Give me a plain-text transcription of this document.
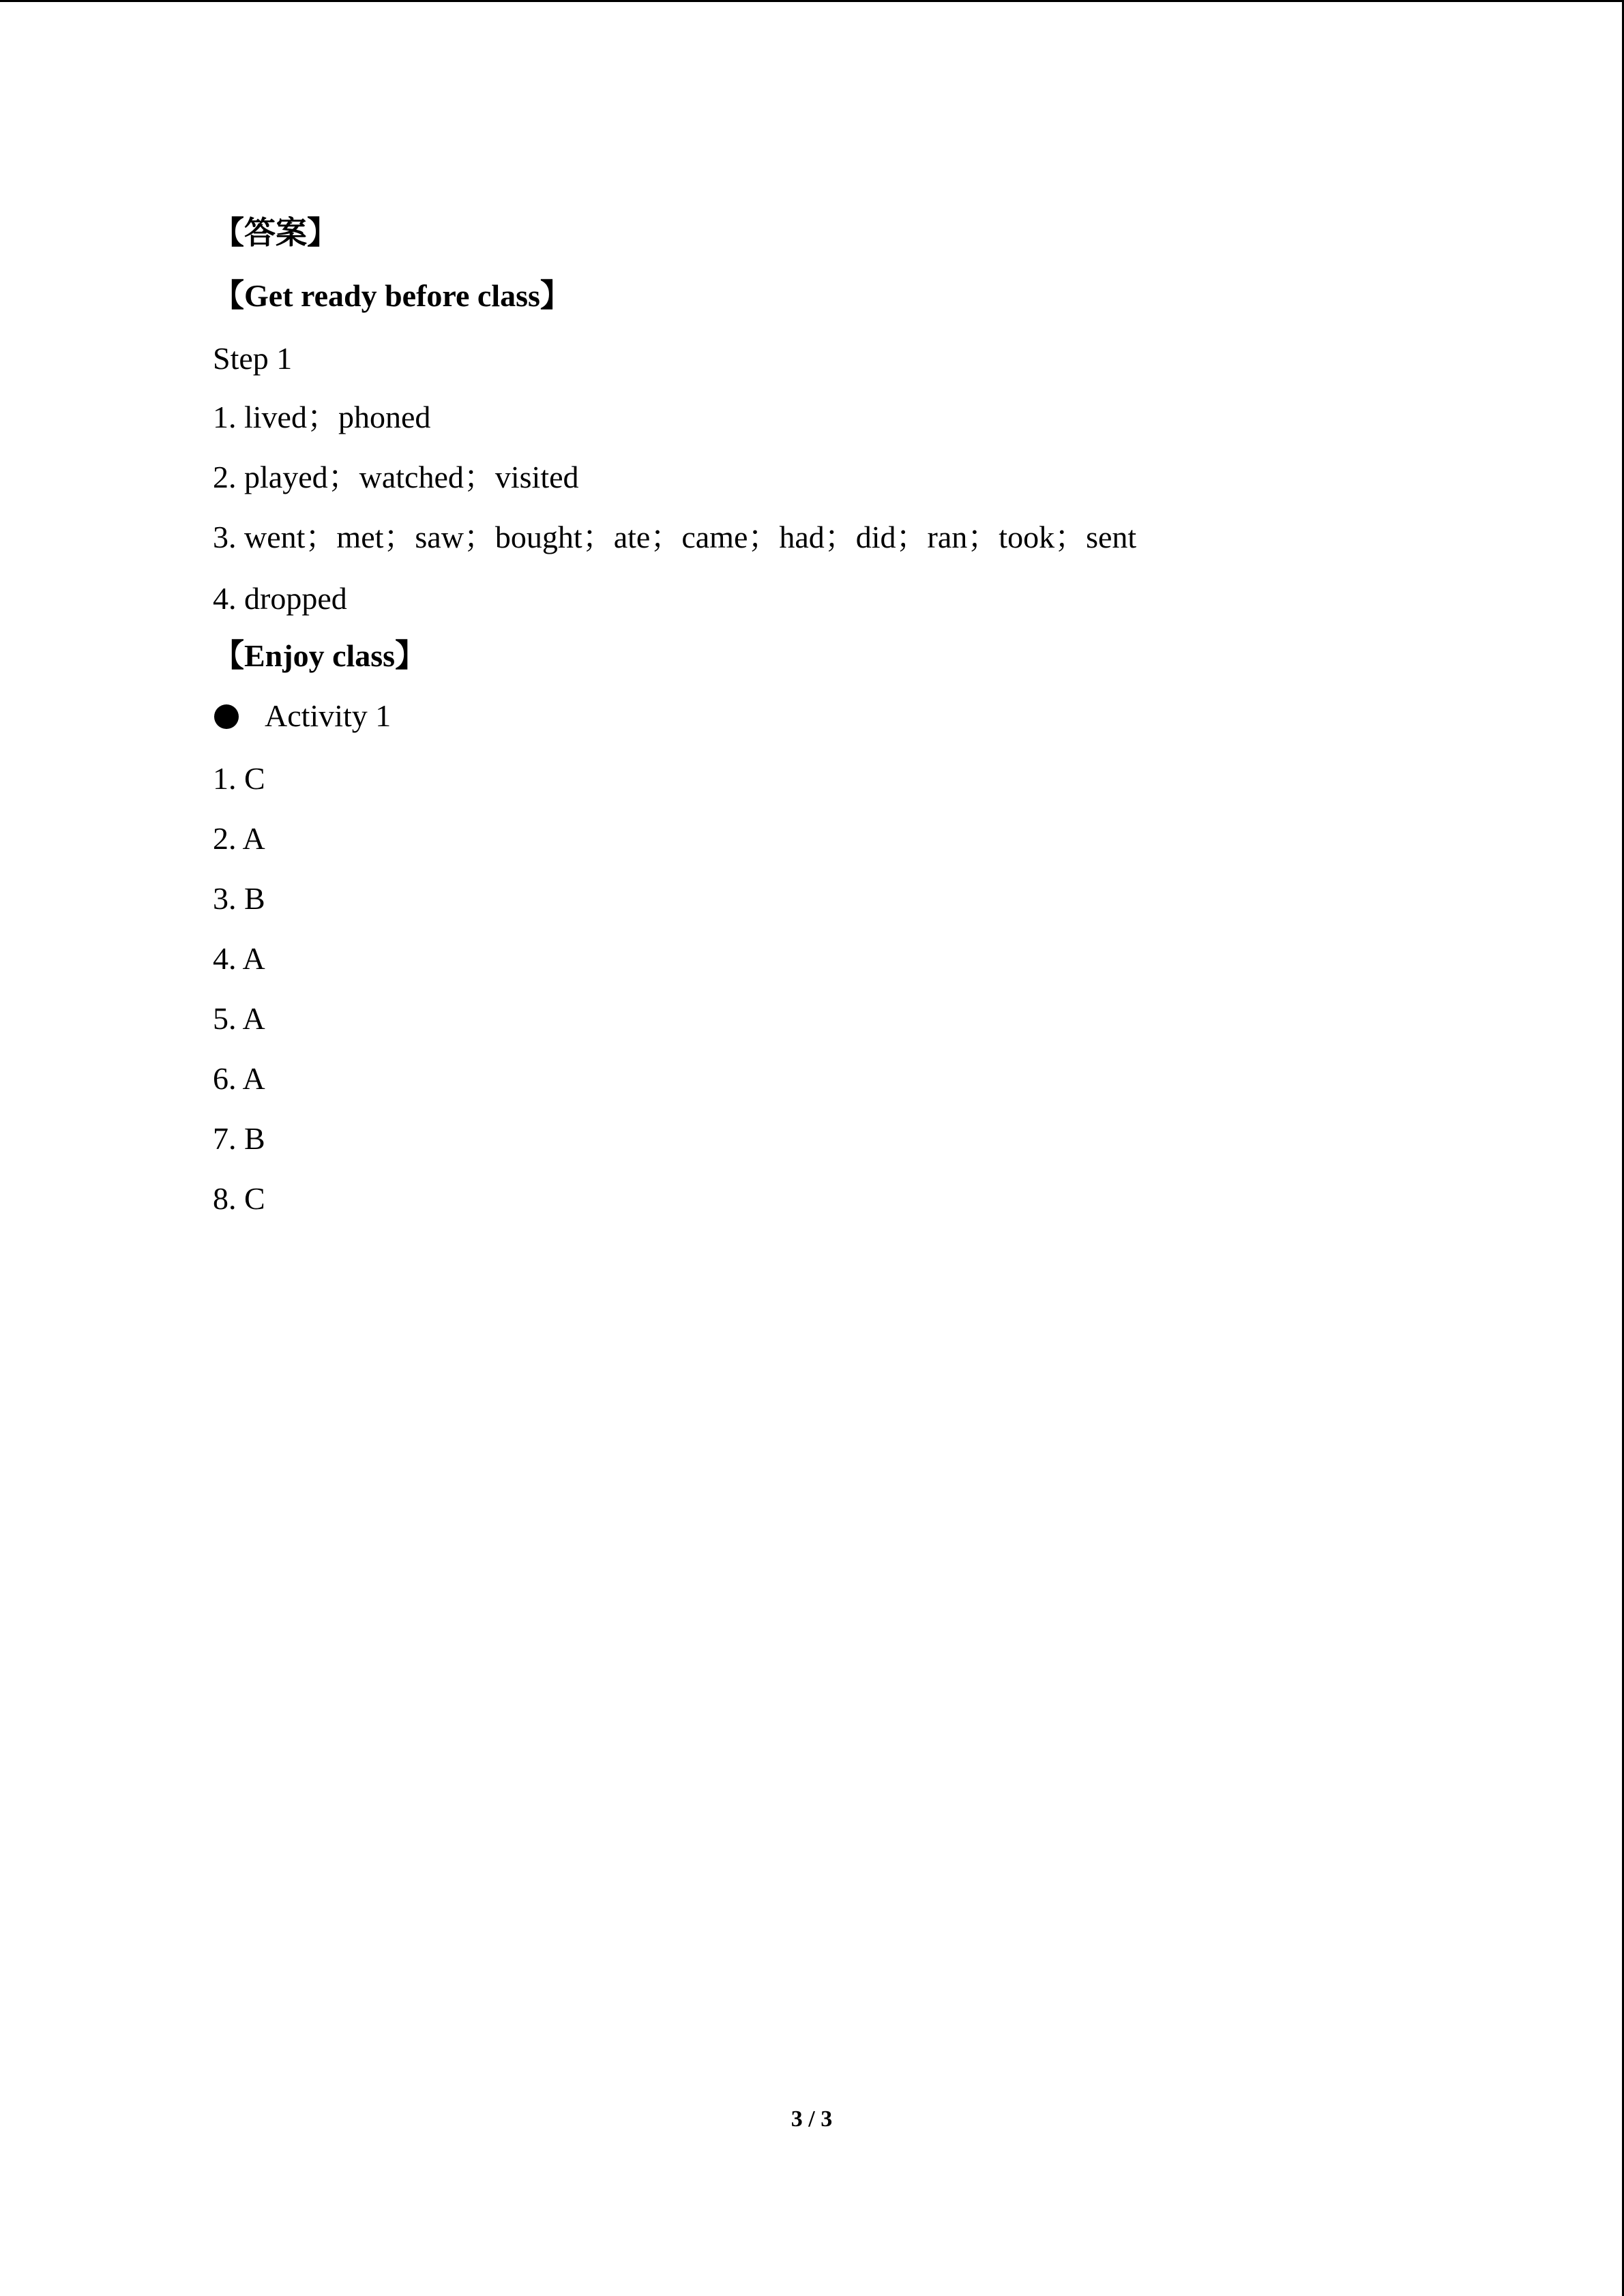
【答案】
【Get ready before class】
Step 1
1. lived；phoned
2. played；watched；visited
3. went；met；saw；bought；ate；came；had；did；ran；took；sent
4. dropped
【Enjoy class】
Activity 1
1. C
2. A
3. B
4. A
5. A
6. A
7. B
8. C
3 / 3
